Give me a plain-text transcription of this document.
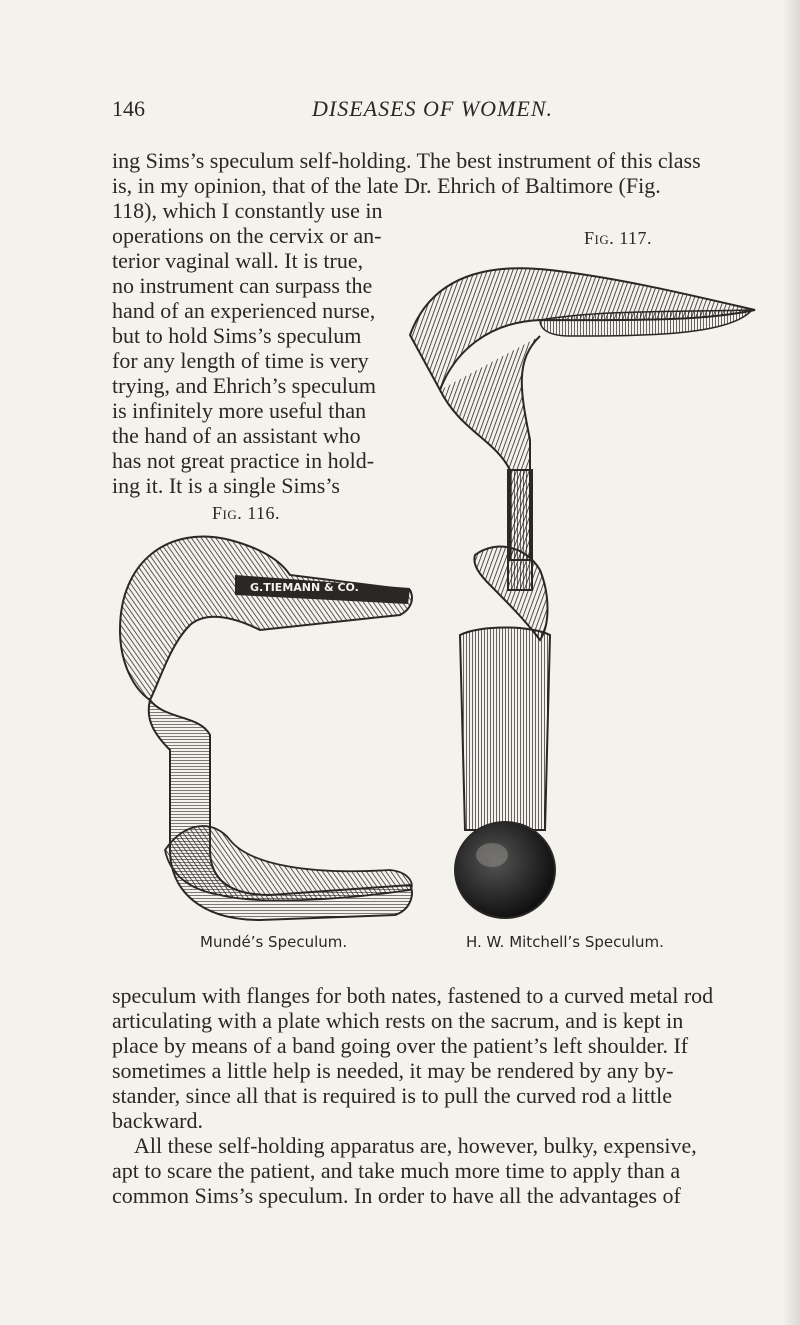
146	DISEASES OF WOMEN.
ing Sims’s speculum self-holding. The best instrument of this class
is, in my opinion, that of the late Dr. Ehrich of Baltimore (Fig.
118), which I constantly use in
operations on the cervix or an-
terior vaginal wall. It is true,
no instrument can surpass the
hand of an experienced nurse,
but to hold Sims’s speculum
for any length of time is very
trying, and Ehrich’s speculum
is infinitely more useful than
the hand of an assistant who
has not great practice in hold-
ing it. It is a single Sims’s
Fig. 117.
Fig. 116.
G.TIEMANN & CO.
Mundé’s Speculum.	H. W. Mitchell’s Speculum.
speculum with flanges for both nates, fastened to a curved metal rod
articulating with a plate which rests on the sacrum, and is kept in
place by means of a band going over the patient’s left shoulder. If
sometimes a little help is needed, it may be rendered by any by-
stander, since all that is required is to pull the curved rod a little
backward.
All these self-holding apparatus are, however, bulky, expensive,
apt to scare the patient, and take much more time to apply than a
common Sims’s speculum. In order to have all the advantages of
